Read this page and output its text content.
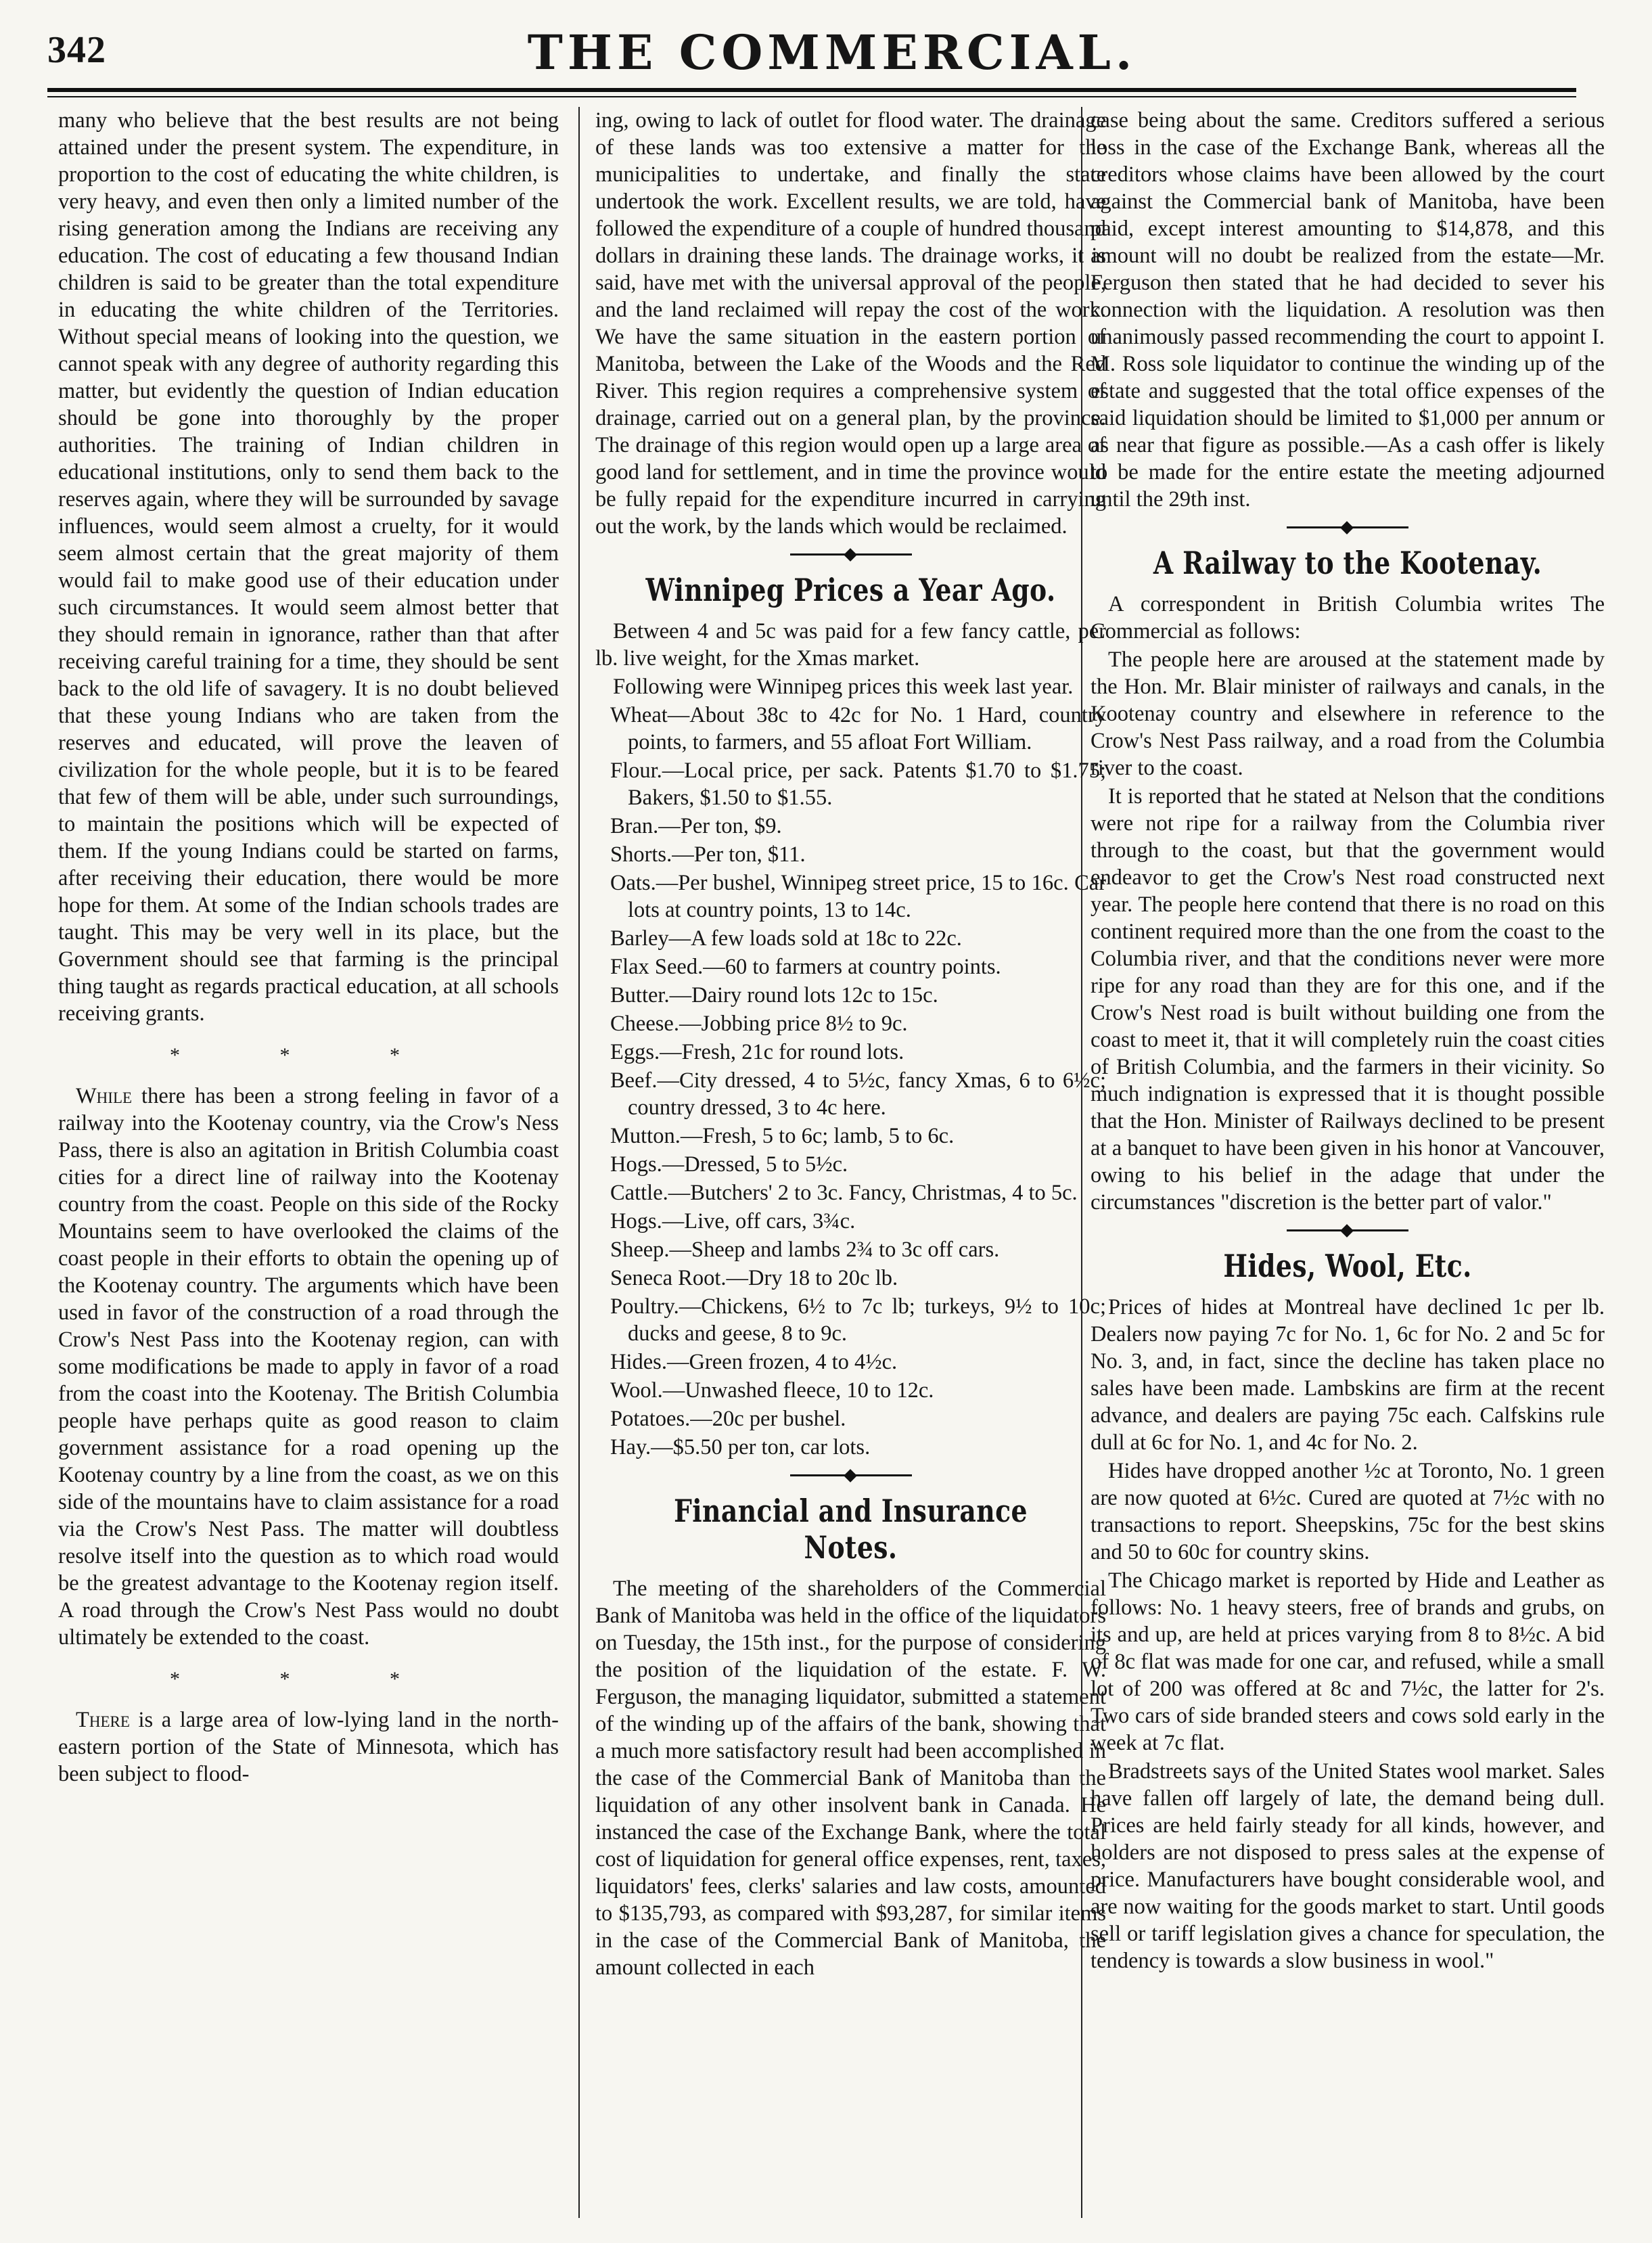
342	THE COMMERCIAL.

many who believe that the best results are not being attained under the present system. The expenditure, in proportion to the cost of educating the white children, is very heavy, and even then only a limited number of the rising generation among the Indians are receiving any education. The cost of educating a few thousand Indian children is said to be greater than the total expenditure in educating the white children of the Territories. Without special means of looking into the question, we cannot speak with any degree of authority regarding this matter, but evidently the question of Indian education should be gone into thoroughly by the proper authorities. The training of Indian children in educational institutions, only to send them back to the reserves again, where they will be surrounded by savage influences, would seem almost a cruelty, for it would seem almost certain that the great majority of them would fail to make good use of their education under such circumstances. It would seem almost better that they should remain in ignorance, rather than that after receiving careful training for a time, they should be sent back to the old life of savagery. It is no doubt believed that these young Indians who are taken from the reserves and educated, will prove the leaven of civilization for the whole people, but it is to be feared that few of them will be able, under such surroundings, to maintain the positions which will be expected of them. If the young Indians could be started on farms, after receiving their education, there would be more hope for them. At some of the Indian schools trades are taught. This may be very well in its place, but the Government should see that farming is the principal thing taught as regards practical education, at all schools receiving grants.

* * *

While there has been a strong feeling in favor of a railway into the Kootenay country, via the Crow's Ness Pass, there is also an agitation in British Columbia coast cities for a direct line of railway into the Kootenay country from the coast. People on this side of the Rocky Mountains seem to have overlooked the claims of the coast people in their efforts to obtain the opening up of the Kootenay country. The arguments which have been used in favor of the construction of a road through the Crow's Nest Pass into the Kootenay region, can with some modifications be made to apply in favor of a road from the coast into the Kootenay. The British Columbia people have perhaps quite as good reason to claim government assistance for a road opening up the Kootenay country by a line from the coast, as we on this side of the mountains have to claim assistance for a road via the Crow's Nest Pass. The matter will doubtless resolve itself into the question as to which road would be the greatest advantage to the Kootenay region itself. A road through the Crow's Nest Pass would no doubt ultimately be extended to the coast.

* * *

There is a large area of low-lying land in the north-eastern portion of the State of Minnesota, which has been subject to flood-

ing, owing to lack of outlet for flood water. The drainage of these lands was too extensive a matter for the municipalities to undertake, and finally the state undertook the work. Excellent results, we are told, have followed the expenditure of a couple of hundred thousand dollars in draining these lands. The drainage works, it is said, have met with the universal approval of the people, and the land reclaimed will repay the cost of the work. We have the same situation in the eastern portion of Manitoba, between the Lake of the Woods and the Red River. This region requires a comprehensive system of drainage, carried out on a general plan, by the province. The drainage of this region would open up a large area of good land for settlement, and in time the province would be fully repaid for the expenditure incurred in carrying out the work, by the lands which would be reclaimed.

Winnipeg Prices a Year Ago.

Between 4 and 5c was paid for a few fancy cattle, per lb. live weight, for the Xmas market.

Following were Winnipeg prices this week last year.

Wheat—About 38c to 42c for No. 1 Hard, country points, to farmers, and 55 afloat Fort William.

Flour.—Local price, per sack. Patents $1.70 to $1.75; Bakers, $1.50 to $1.55.

Bran.—Per ton, $9.

Shorts.—Per ton, $11.

Oats.—Per bushel, Winnipeg street price, 15 to 16c. Car lots at country points, 13 to 14c.

Barley—A few loads sold at 18c to 22c.

Flax Seed.—60 to farmers at country points.

Butter.—Dairy round lots 12c to 15c.

Cheese.—Jobbing price 8½ to 9c.

Eggs.—Fresh, 21c for round lots.

Beef.—City dressed, 4 to 5½c, fancy Xmas, 6 to 6½c; country dressed, 3 to 4c here.

Mutton.—Fresh, 5 to 6c; lamb, 5 to 6c.

Hogs.—Dressed, 5 to 5½c.

Cattle.—Butchers' 2 to 3c. Fancy, Christmas, 4 to 5c.

Hogs.—Live, off cars, 3¾c.

Sheep.—Sheep and lambs 2¾ to 3c off cars.

Seneca Root.—Dry 18 to 20c lb.

Poultry.—Chickens, 6½ to 7c lb; turkeys, 9½ to 10c; ducks and geese, 8 to 9c.

Hides.—Green frozen, 4 to 4½c.

Wool.—Unwashed fleece, 10 to 12c.

Potatoes.—20c per bushel.

Hay.—$5.50 per ton, car lots.

Financial and Insurance Notes.

The meeting of the shareholders of the Commercial Bank of Manitoba was held in the office of the liquidators on Tuesday, the 15th inst., for the purpose of considering the position of the liquidation of the estate. F. W. Ferguson, the managing liquidator, submitted a statement of the winding up of the affairs of the bank, showing that a much more satisfactory result had been accomplished in the case of the Commercial Bank of Manitoba than the liquidation of any other insolvent bank in Canada. He instanced the case of the Exchange Bank, where the total cost of liquidation for general office expenses, rent, taxes, liquidators' fees, clerks' salaries and law costs, amounted to $135,793, as compared with $93,287, for similar items in the case of the Commercial Bank of Manitoba, the amount collected in each

case being about the same. Creditors suffered a serious loss in the case of the Exchange Bank, whereas all the creditors whose claims have been allowed by the court against the Commercial bank of Manitoba, have been paid, except interest amounting to $14,878, and this amount will no doubt be realized from the estate—Mr. Ferguson then stated that he had decided to sever his connection with the liquidation. A resolution was then unanimously passed recommending the court to appoint I. M. Ross sole liquidator to continue the winding up of the estate and suggested that the total office expenses of the said liquidation should be limited to $1,000 per annum or as near that figure as possible.—As a cash offer is likely to be made for the entire estate the meeting adjourned until the 29th inst.

A Railway to the Kootenay.

A correspondent in British Columbia writes The Commercial as follows:

The people here are aroused at the statement made by the Hon. Mr. Blair minister of railways and canals, in the Kootenay country and elsewhere in reference to the Crow's Nest Pass railway, and a road from the Columbia river to the coast.

It is reported that he stated at Nelson that the conditions were not ripe for a railway from the Columbia river through to the coast, but that the government would endeavor to get the Crow's Nest road constructed next year. The people here contend that there is no road on this continent required more than the one from the coast to the Columbia river, and that the conditions never were more ripe for any road than they are for this one, and if the Crow's Nest road is built without building one from the coast to meet it, that it will completely ruin the coast cities of British Columbia, and the farmers in their vicinity. So much indignation is expressed that it is thought possible that the Hon. Minister of Railways declined to be present at a banquet to have been given in his honor at Vancouver, owing to his belief in the adage that under the circumstances "discretion is the better part of valor."

Hides, Wool, Etc.

Prices of hides at Montreal have declined 1c per lb. Dealers now paying 7c for No. 1, 6c for No. 2 and 5c for No. 3, and, in fact, since the decline has taken place no sales have been made. Lambskins are firm at the recent advance, and dealers are paying 75c each. Calfskins rule dull at 6c for No. 1, and 4c for No. 2.

Hides have dropped another ½c at Toronto, No. 1 green are now quoted at 6½c. Cured are quoted at 7½c with no transactions to report. Sheepskins, 75c for the best skins and 50 to 60c for country skins.

The Chicago market is reported by Hide and Leather as follows: No. 1 heavy steers, free of brands and grubs, on its and up, are held at prices varying from 8 to 8½c. A bid of 8c flat was made for one car, and refused, while a small lot of 200 was offered at 8c and 7½c, the latter for 2's. Two cars of side branded steers and cows sold early in the week at 7c flat.

Bradstreets says of the United States wool market. Sales have fallen off largely of late, the demand being dull. Prices are held fairly steady for all kinds, however, and holders are not disposed to press sales at the expense of price. Manufacturers have bought considerable wool, and are now waiting for the goods market to start. Until goods sell or tariff legislation gives a chance for speculation, the tendency is towards a slow business in wool."
